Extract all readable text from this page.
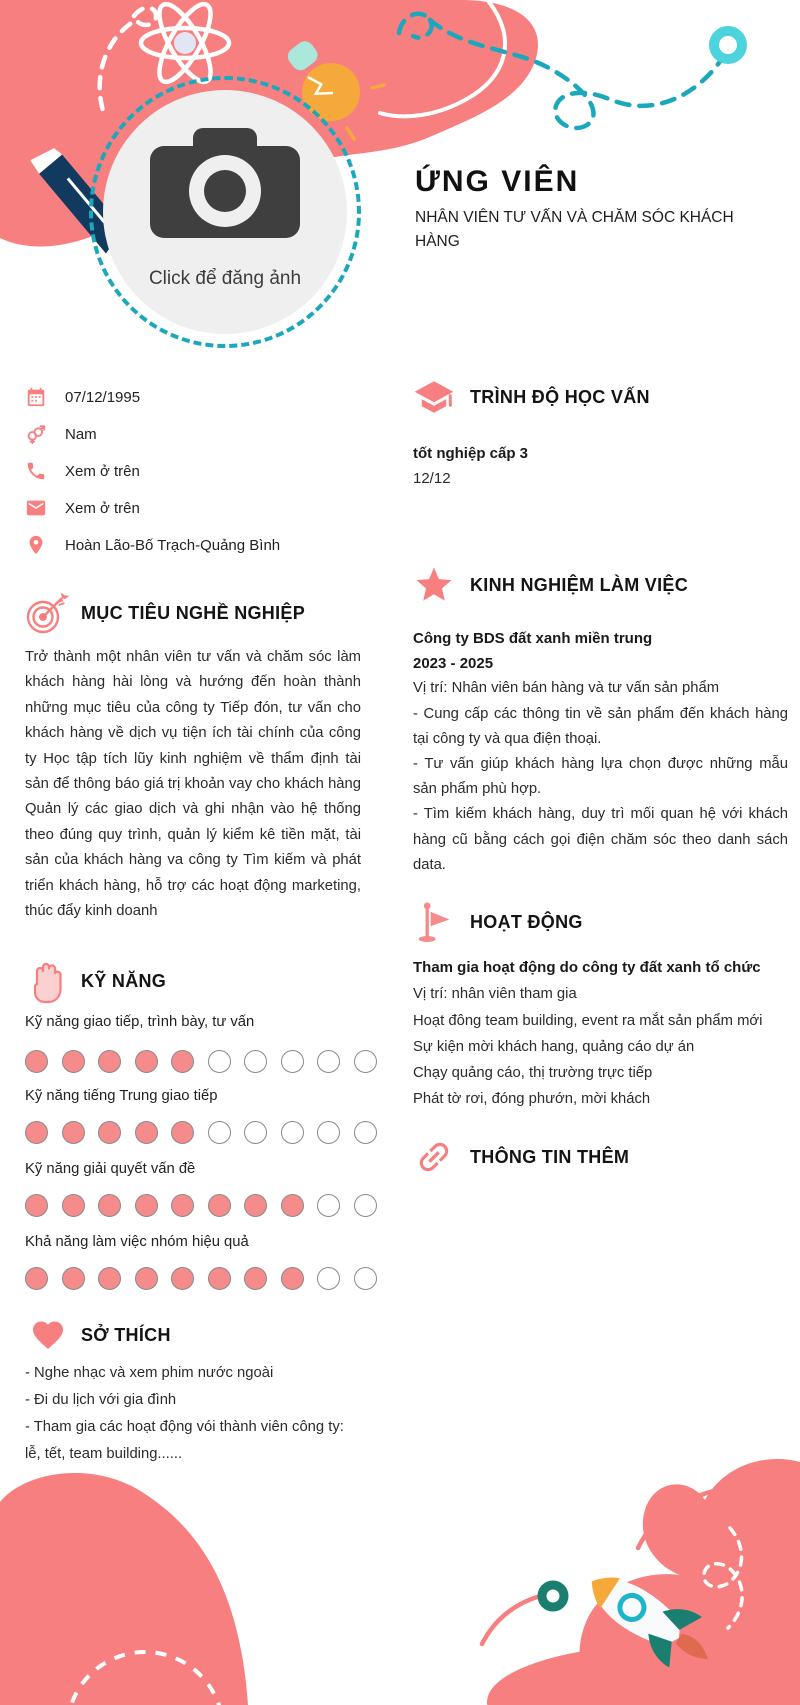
Click để đăng ảnh
ỨNG VIÊN
NHÂN VIÊN TƯ VẤN VÀ CHĂM SÓC KHÁCH HÀNG
07/12/1995
Nam
Xem ở trên
Xem ở trên
Hoàn Lão-Bố Trạch-Quảng Bình
MỤC TIÊU NGHỀ NGHIỆP
Trở thành một nhân viên tư vấn và chăm sóc làm khách hàng hài lòng và hướng đến hoàn thành những mục tiêu của công ty Tiếp đón, tư vấn cho khách hàng về dịch vụ tiện ích tài chính của công ty Học tập tích lũy kinh nghiệm về thẩm định tài sản để thông báo giá trị khoản vay cho khách hàng Quản lý các giao dịch và ghi nhận vào hệ thống theo đúng quy trình, quản lý kiểm kê tiền mặt, tài sản của khách hàng va công ty Tìm kiếm và phát triển khách hàng, hỗ trợ các hoạt động marketing, thúc đẩy kinh doanh
KỸ NĂNG
Kỹ năng giao tiếp, trình bày, tư vấn
Kỹ năng tiếng Trung giao tiếp
Kỹ năng giải quyết vấn đề
Khả năng làm việc nhóm hiệu quả
SỞ THÍCH
- Nghe nhạc và xem phim nước ngoài
- Đi du lịch với gia đình
- Tham gia các hoạt động vói thành viên công ty: lễ, tết, team building......
TRÌNH ĐỘ HỌC VẤN
tốt nghiệp cấp 3
12/12
KINH NGHIỆM LÀM VIỆC

Công ty BDS đất xanh miền trung

2023 - 2025

Vị trí: Nhân viên bán hàng và tư vấn sản phẩm

- Cung cấp các thông tin về sản phẩm đến khách hàng tại công ty và qua điện thoại.

- Tư vấn giúp khách hàng lựa chọn được những mẫu sản phẩm phù hợp.

- Tìm kiếm khách hàng, duy trì mối quan hệ với khách hàng cũ bằng cách gọi điện chăm sóc theo danh sách data.

HOẠT ĐỘNG

Tham gia hoạt động do công ty đất xanh tổ chức

Vị trí: nhân viên tham gia

Hoạt đông team building, event ra mắt sản phẩm mới

Sự kiện mời khách hang, quảng cáo dự án

Chạy quảng cáo, thị trường trực tiếp

Phát tờ rơi, đóng phướn, mời khách

THÔNG TIN THÊM
